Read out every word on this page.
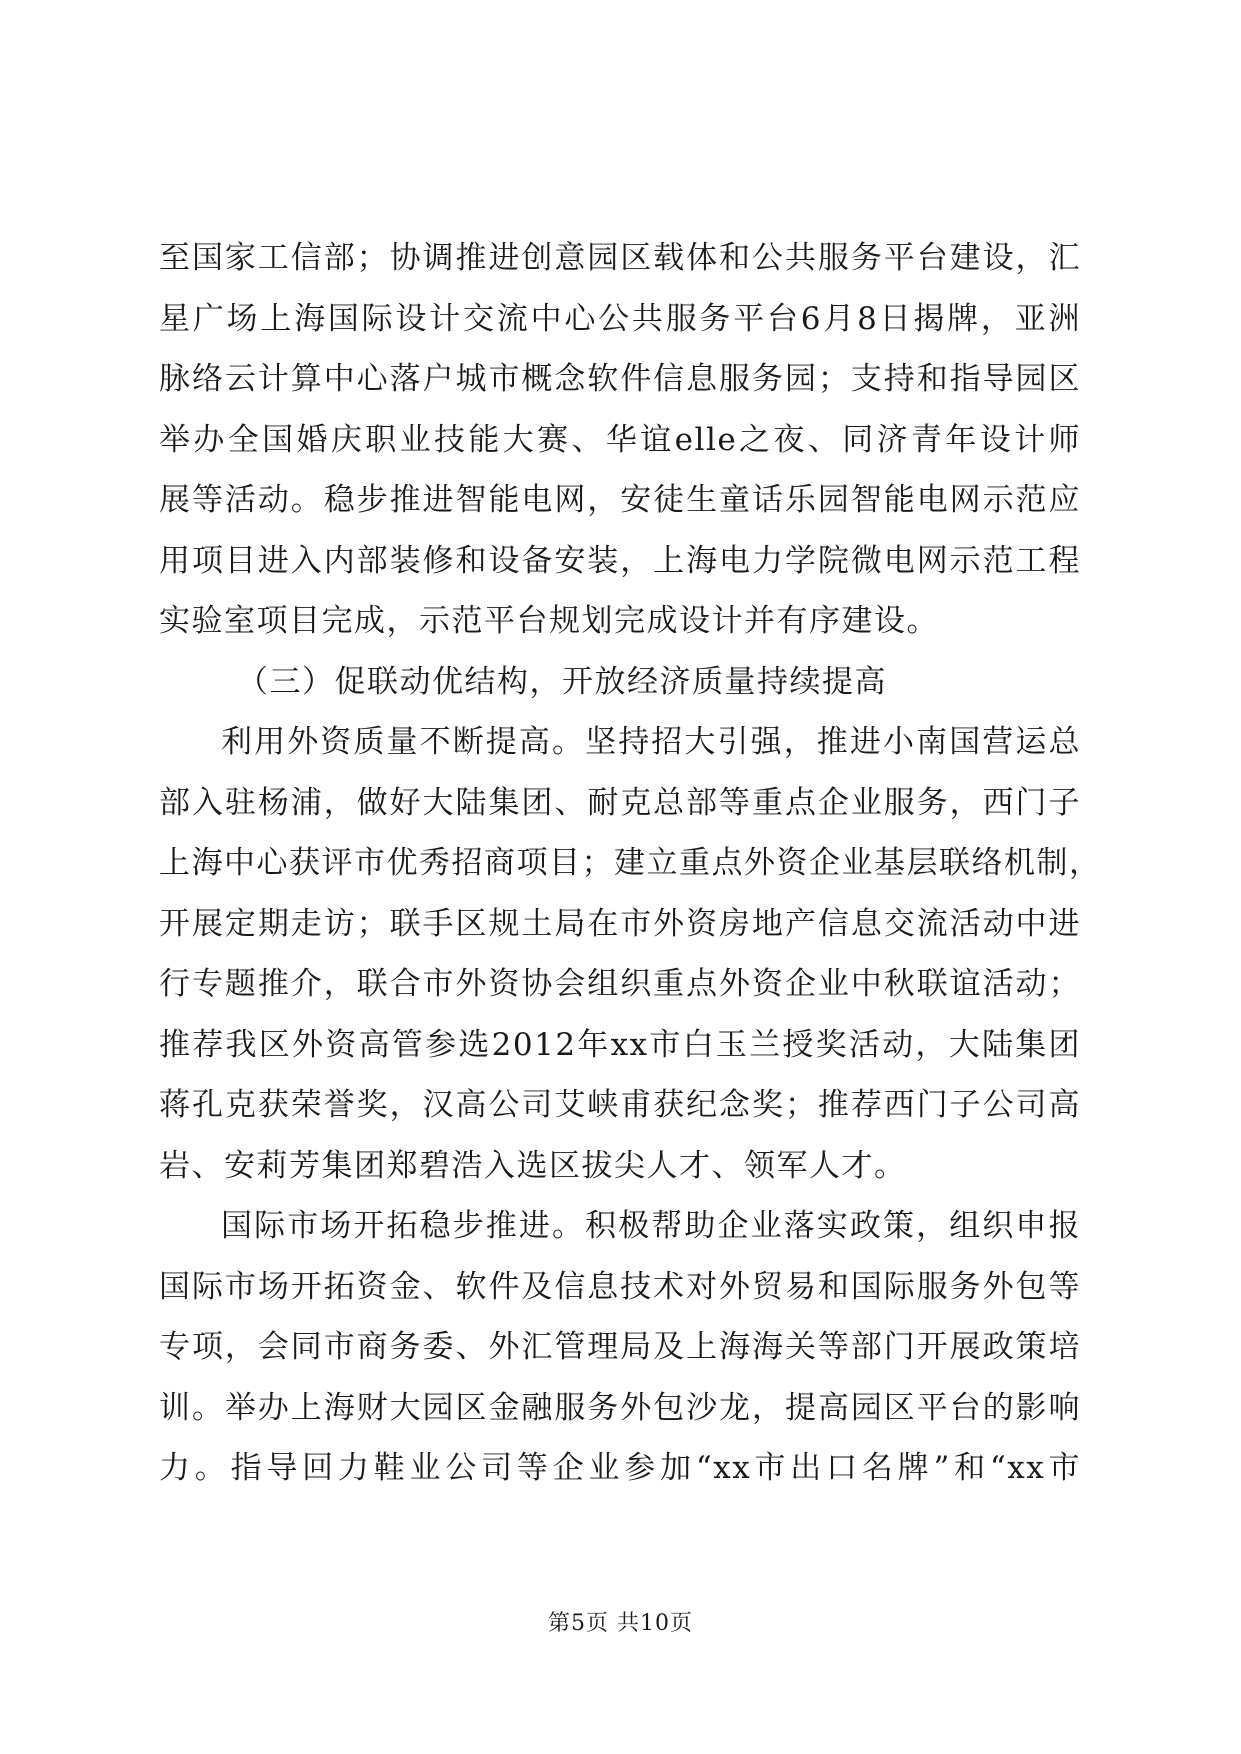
至国家工信部；协调推进创意园区载体和公共服务平台建设，汇
星广场上海国际设计交流中心公共服务平台6月8日揭牌，亚洲
脉络云计算中心落户城市概念软件信息服务园；支持和指导园区
举办全国婚庆职业技能大赛、华谊elle之夜、同济青年设计师
展等活动。稳步推进智能电网，安徒生童话乐园智能电网示范应
用项目进入内部装修和设备安装，上海电力学院微电网示范工程
实验室项目完成，示范平台规划完成设计并有序建设。
（三）促联动优结构，开放经济质量持续提高
利用外资质量不断提高。坚持招大引强，推进小南国营运总
部入驻杨浦，做好大陆集团、耐克总部等重点企业服务，西门子
上海中心获评市优秀招商项目；建立重点外资企业基层联络机制，
开展定期走访；联手区规土局在市外资房地产信息交流活动中进
行专题推介，联合市外资协会组织重点外资企业中秋联谊活动；
推荐我区外资高管参选2012年xx市白玉兰授奖活动，大陆集团
蒋孔克获荣誉奖，汉高公司艾峡甫获纪念奖；推荐西门子公司高
岩、安莉芳集团郑碧浩入选区拔尖人才、领军人才。
国际市场开拓稳步推进。积极帮助企业落实政策，组织申报
国际市场开拓资金、软件及信息技术对外贸易和国际服务外包等
专项，会同市商务委、外汇管理局及上海海关等部门开展政策培
训。举办上海财大园区金融服务外包沙龙，提高园区平台的影响
力。指导回力鞋业公司等企业参加“xx市出口名牌”和“xx市
第5页 共10页
